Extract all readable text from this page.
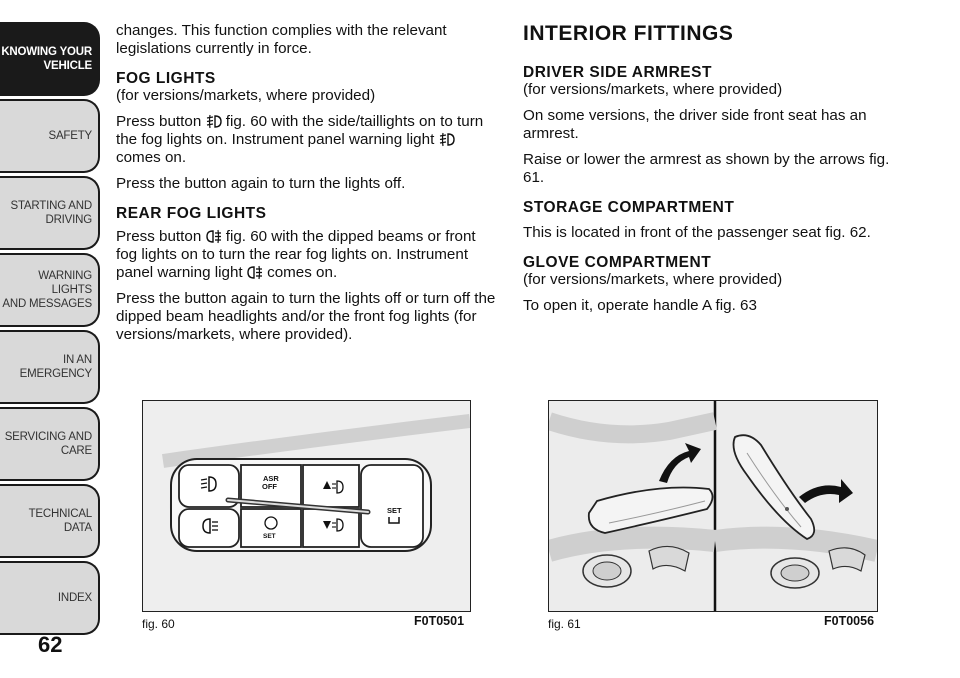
KNOWING YOUR
VEHICLE
SAFETY
STARTING AND
DRIVING
WARNING LIGHTS
AND MESSAGES
IN AN EMERGENCY
SERVICING AND
CARE
TECHNICAL DATA
INDEX
62

changes. This function complies with the relevant legislations currently in force.

FOG LIGHTS

(for versions/markets, where provided)

Press button  fig. 60 with the side/taillights on to turn the fog lights on. Instrument panel warning light  comes on.

Press the button again to turn the lights off.

REAR FOG LIGHTS

Press button  fig. 60 with the dipped beams or front fog lights on to turn the rear fog lights on. Instrument panel warning light  comes on.

Press the button again to turn the lights off or turn off the dipped beam headlights and/or the front fog lights (for versions/markets, where provided).

INTERIOR FITTINGS
DRIVER SIDE ARMREST

(for versions/markets, where provided)

On some versions, the driver side front seat has an armrest.

Raise or lower the armrest as shown by the arrows fig. 61.

STORAGE COMPARTMENT

This is located in front of the passenger seat fig. 62.

GLOVE COMPARTMENT

(for versions/markets, where provided)

To open it, operate handle A fig. 63

ASR
OFF
SET
SET
fig. 60	F0T0501	fig. 61	F0T0056
